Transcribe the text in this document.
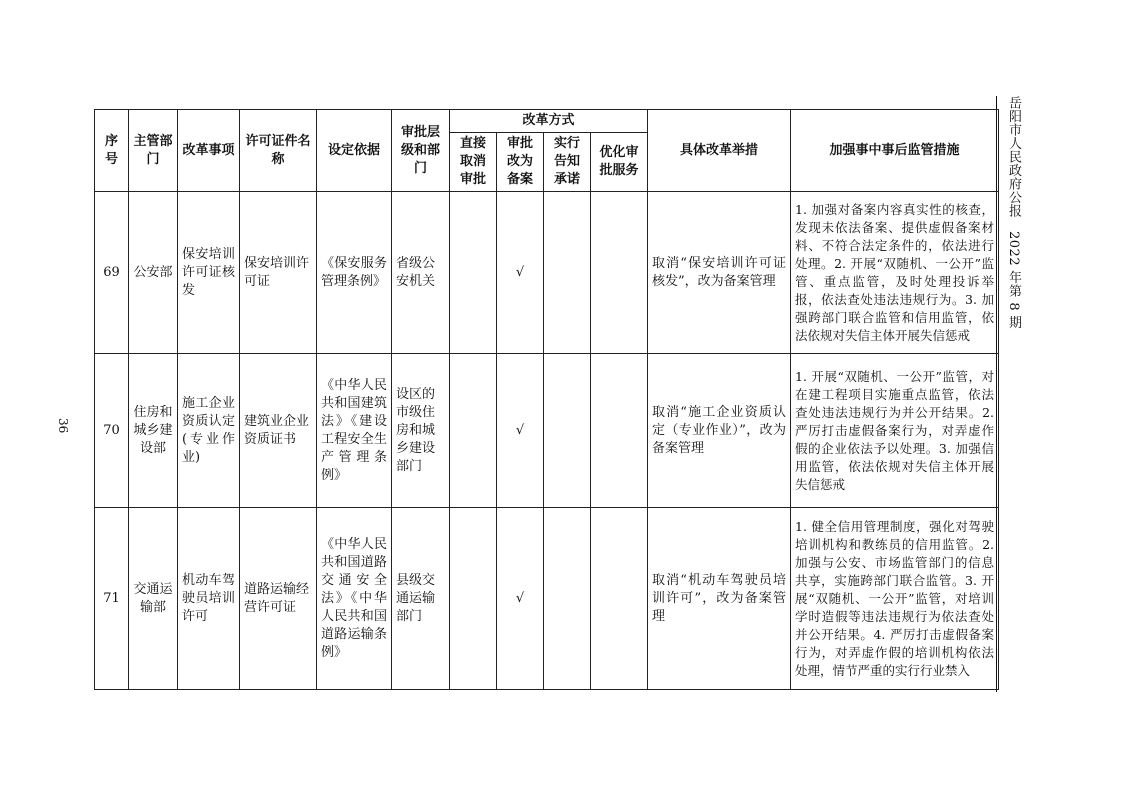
36
岳阳市人民政府公报　2022 年第 8 期
序号	主管部门	改革事项	许可证件名称	设定依据	审批层级和部门	改革方式				具体改革举措	加强事中事后监管措施
						直接取消审批	审批改为备案	实行告知承诺	优化审批服务		
69	公安部	保安培训许可证核发	保安培训许可证	《保安服务管理条例》	省级公安机关		√			取消“保安培训许可证核发”，改为备案管理	1. 加强对备案内容真实性的核查，发现未依法备案、提供虚假备案材料、不符合法定条件的，依法进行处理。2. 开展“双随机、一公开”监管、重点监管，及时处理投诉举报，依法查处违法违规行为。3. 加强跨部门联合监管和信用监管，依法依规对失信主体开展失信惩戒
70	住房和城乡建设部	施工企业资质认定(专业作业)	建筑业企业资质证书	《中华人民共和国建筑法》《建设工程安全生产管理条例》	设区的市级住房和城乡建设部门		√			取消“施工企业资质认定（专业作业）”，改为备案管理	1. 开展“双随机、一公开”监管，对在建工程项目实施重点监管，依法查处违法违规行为并公开结果。2. 严厉打击虚假备案行为，对弄虚作假的企业依法予以处理。3. 加强信用监管，依法依规对失信主体开展失信惩戒
71	交通运输部	机动车驾驶员培训许可	道路运输经营许可证	《中华人民共和国道路交通安全法》《中华人民共和国道路运输条例》	县级交通运输部门		√			取消“机动车驾驶员培训许可”，改为备案管理	1. 健全信用管理制度，强化对驾驶培训机构和教练员的信用监管。2. 加强与公安、市场监管部门的信息共享，实施跨部门联合监管。3. 开展“双随机、一公开”监管，对培训学时造假等违法违规行为依法查处并公开结果。4. 严厉打击虚假备案行为，对弄虚作假的培训机构依法处理，情节严重的实行行业禁入
